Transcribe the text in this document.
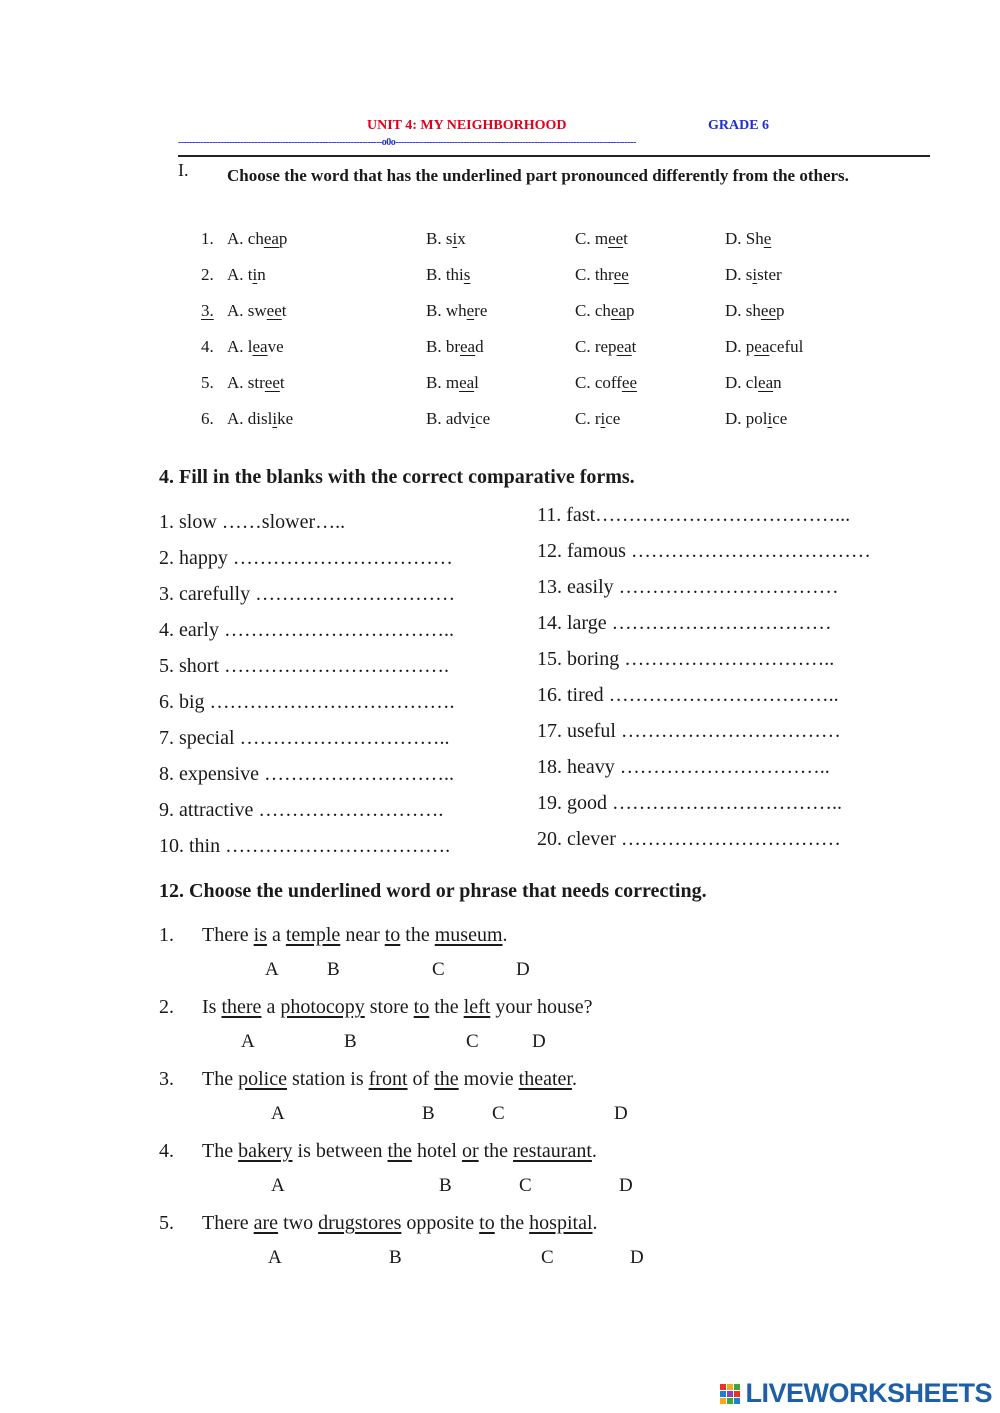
UNIT 4: MY NEIGHBORHOOD	GRADE 6
------------------------------------------------------------------------o0o-------------------------------------------------------------------------------------
I. Choose the word that has the underlined part pronounced differently from the others.
1. A. cheap	B. six	C. meet	D. She
2. A. tin	B. this	C. three	D. sister
3. A. sweet	B. where	C. cheap	D. sheep
4. A. leave	B. bread	C. repeat	D. peaceful
5. A. street	B. meal	C. coffee	D. clean
6. A. dislike	B. advice	C. rice	D. police
4. Fill in the blanks with the correct comparative forms.
1. slow ……slower…..
2. happy ……………………………
3. carefully …………………………
4. early ……………………………..
5. short …………………………….
6. big ……………………………….
7. special …………………………..
8. expensive ………………………..
9. attractive ……………………….
10. thin …………………………….
11. fast………………………………...
12. famous ………………………………
13. easily ……………………………
14. large ……………………………
15. boring …………………………..
16. tired ……………………………..
17. useful ……………………………
18. heavy …………………………..
19. good ……………………………..
20. clever ……………………………
12. Choose the underlined word or phrase that needs correcting.
1. There is a temple near to the museum.
A	B	C	D
2. Is there a photocopy store to the left your house?
A	B	C	D
3. The police station is front of the movie theater.
A	B	C	D
4. The bakery is between the hotel or the restaurant.
A	B	C	D
5. There are two drugstores opposite to the hospital.
A	B	C	D
LIVEWORKSHEETS
